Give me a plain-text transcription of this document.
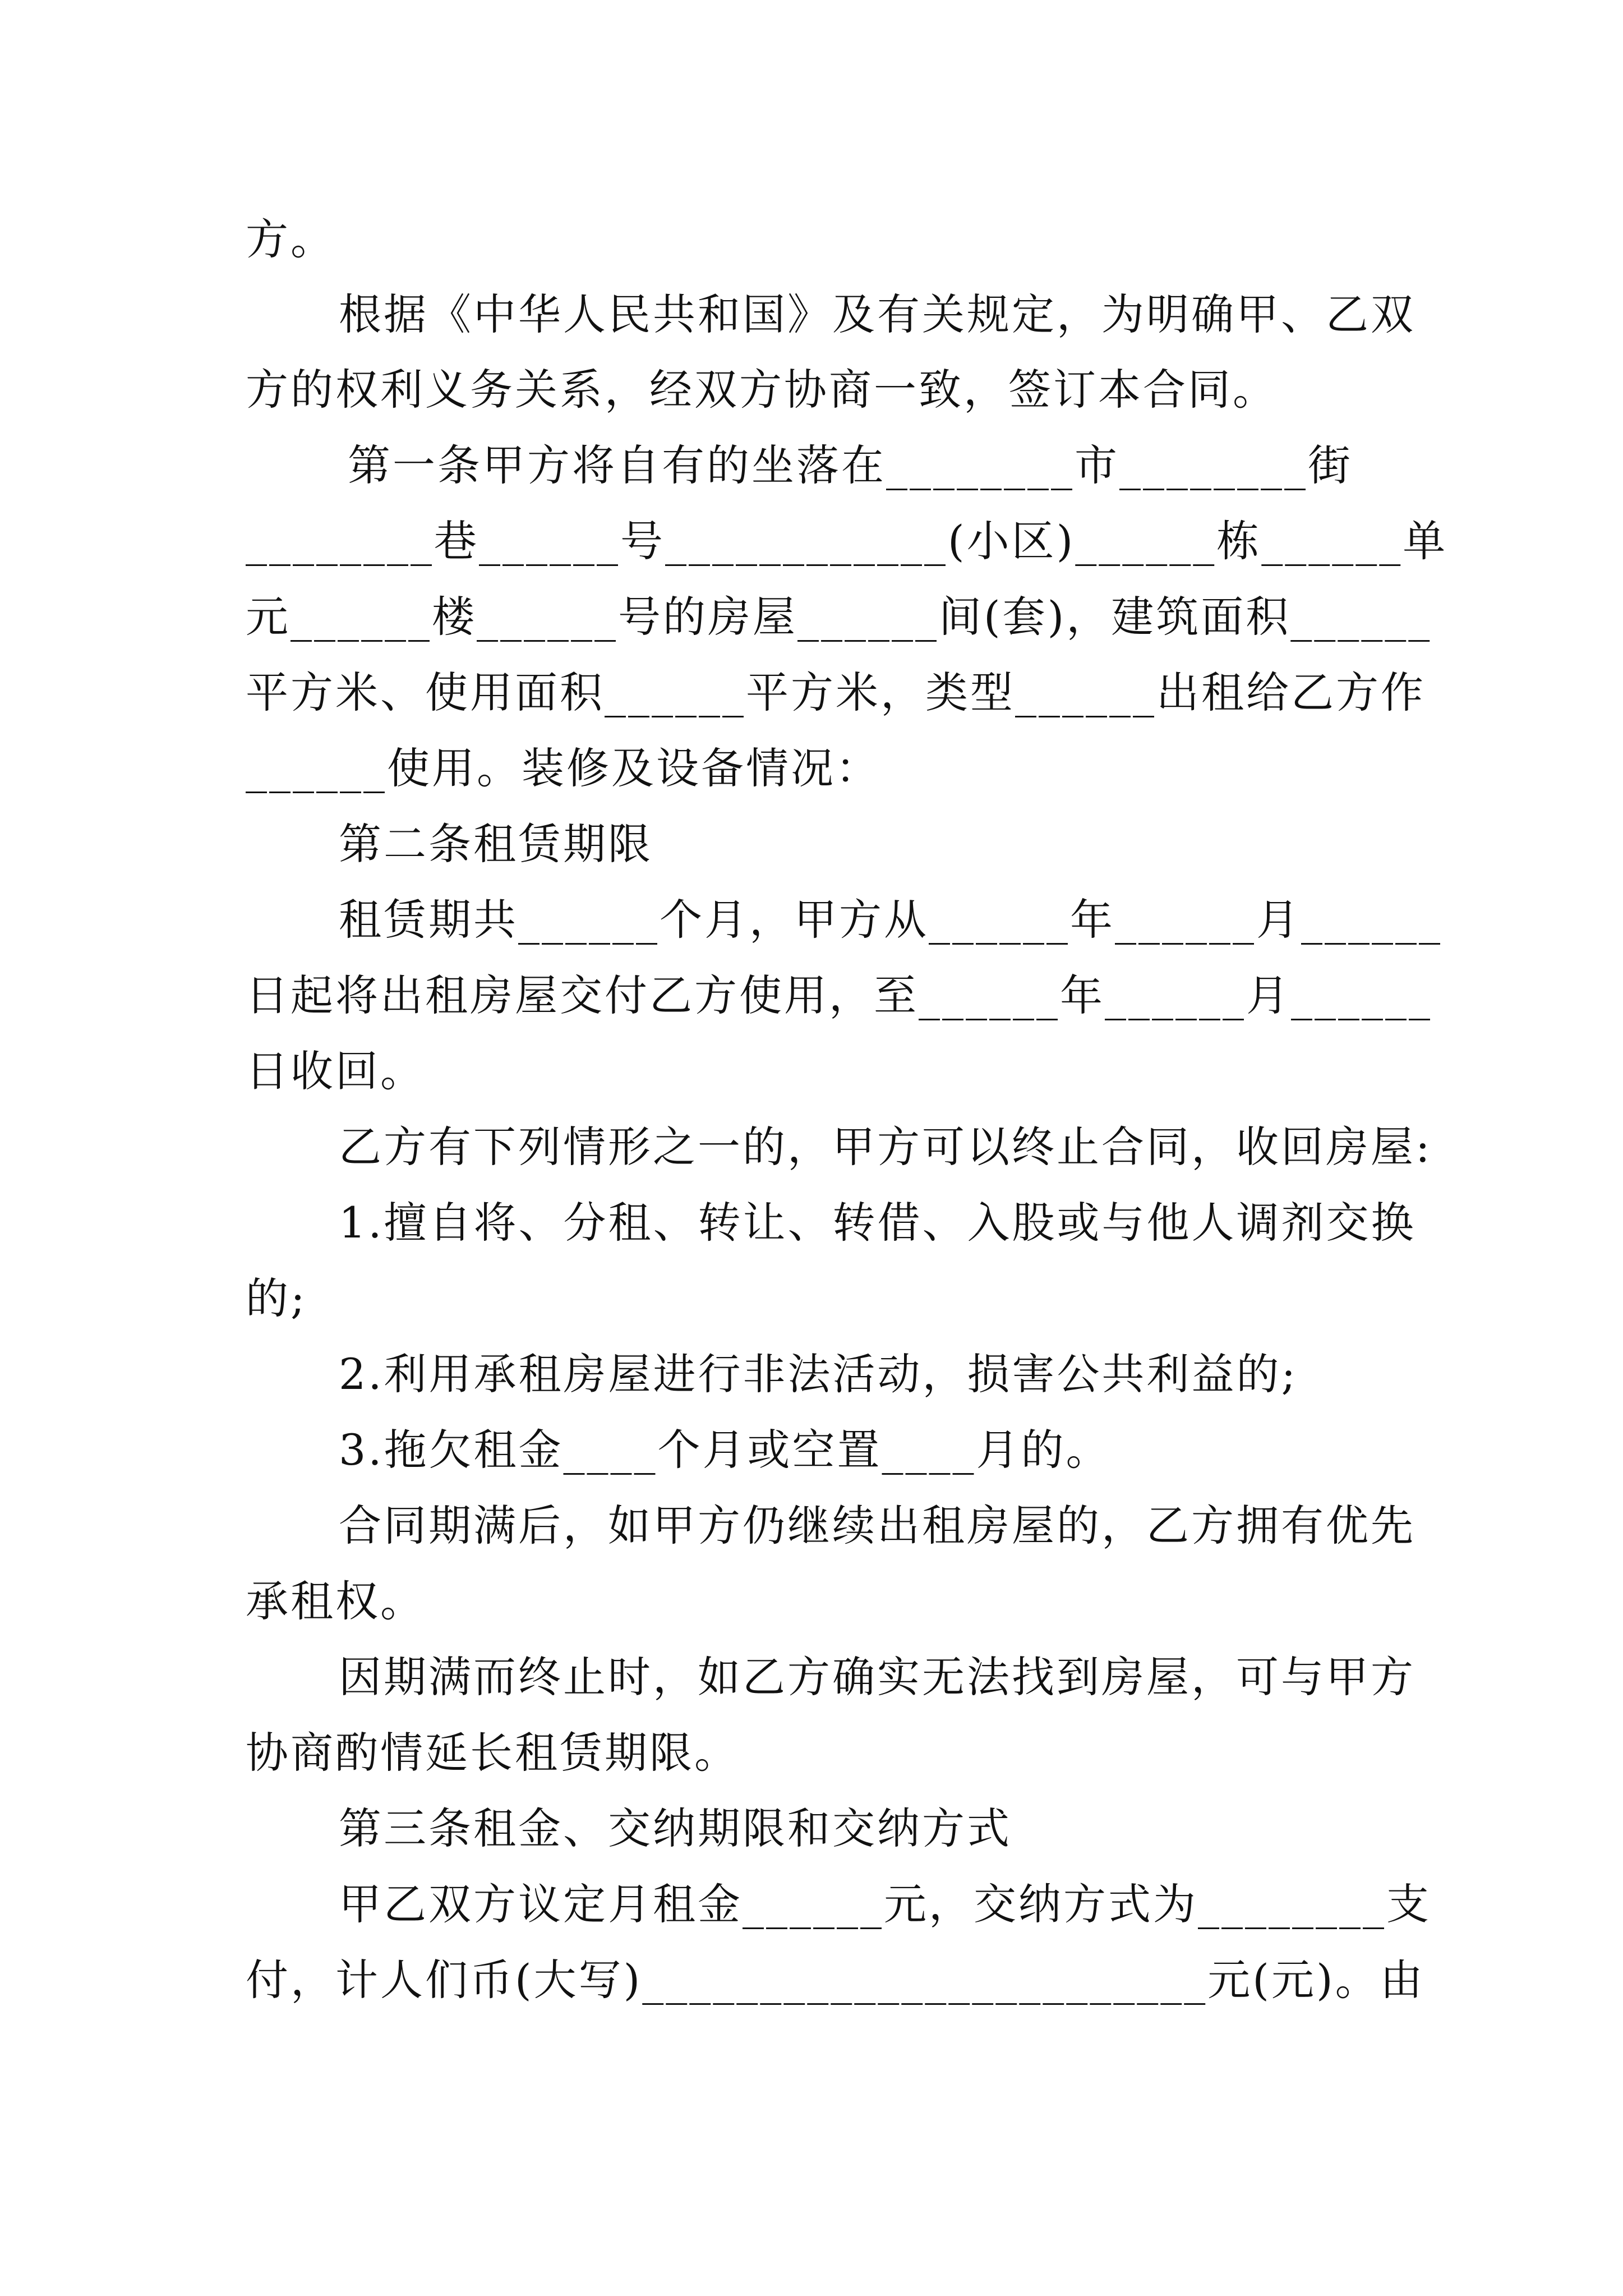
方。
根据《中华人民共和国》及有关规定，为明确甲、乙双
方的权利义务关系，经双方协商一致，签订本合同。
第一条甲方将自有的坐落在________市________街
________巷______号____________(小区)______栋______单
元______楼______号的房屋______间(套)，建筑面积______
平方米、使用面积______平方米，类型______出租给乙方作
______使用。装修及设备情况：
第二条租赁期限
租赁期共______个月，甲方从______年______月______
日起将出租房屋交付乙方使用，至______年______月______
日收回。
乙方有下列情形之一的，甲方可以终止合同，收回房屋:
1.擅自将、分租、转让、转借、入股或与他人调剂交换
的;
2.利用承租房屋进行非法活动，损害公共利益的;
3.拖欠租金____个月或空置____月的。
合同期满后，如甲方仍继续出租房屋的，乙方拥有优先
承租权。
因期满而终止时，如乙方确实无法找到房屋，可与甲方
协商酌情延长租赁期限。
第三条租金、交纳期限和交纳方式
甲乙双方议定月租金______元，交纳方式为________支
付，计人们币(大写)________________________元(元)。由
